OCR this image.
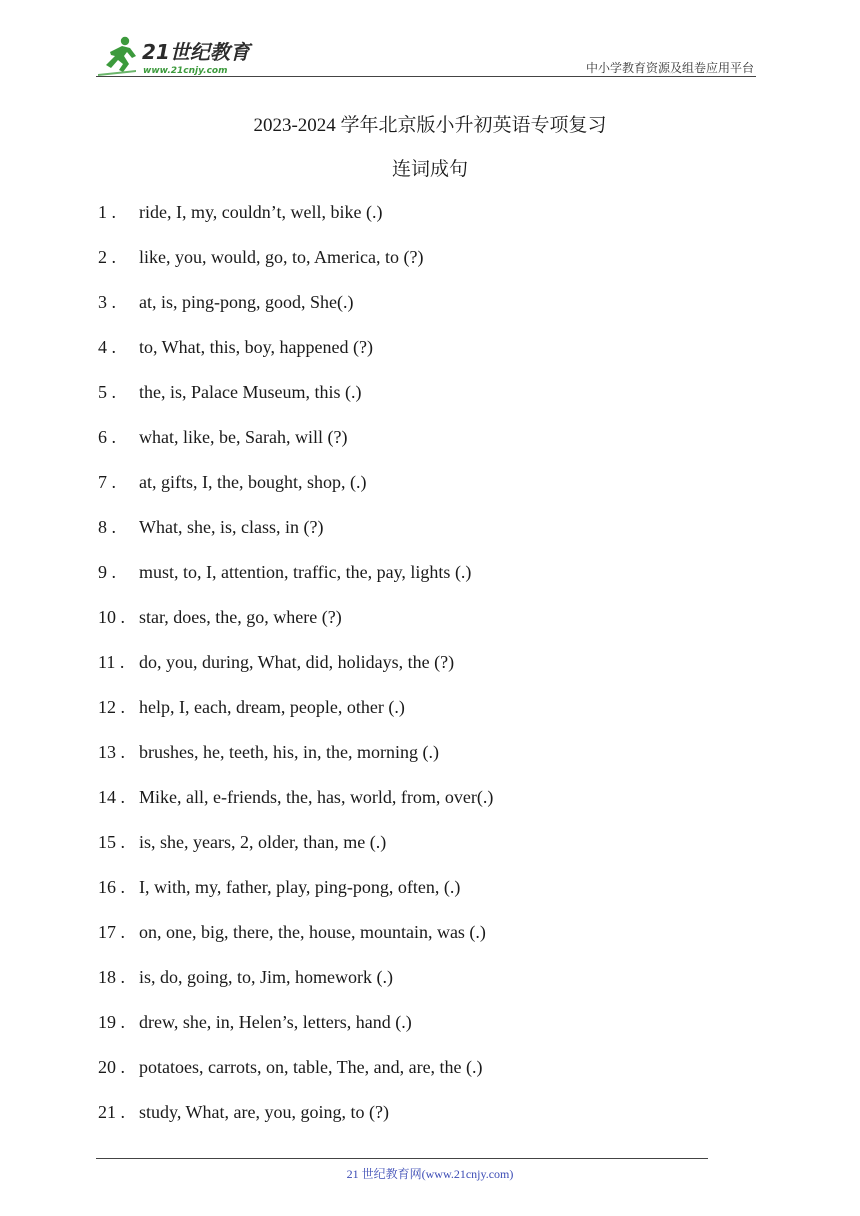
21世纪教育
www.21cnjy.com	中小学教育资源及组卷应用平台
2023-2024 学年北京版小升初英语专项复习
连词成句
1 . ride, I, my, couldn’t, well, bike (.)
2 . like, you, would, go, to, America, to (?)
3 . at, is, ping-pong, good, She(.)
4 . to, What, this, boy, happened (?)
5 . the, is, Palace Museum, this (.)
6 . what, like, be, Sarah, will (?)
7 . at, gifts, I, the, bought, shop, (.)
8 . What, she, is, class, in (?)
9 . must, to, I, attention, traffic, the, pay, lights (.)
10 . star, does, the, go, where (?)
11 . do, you, during, What, did, holidays, the (?)
12 . help, I, each, dream, people, other (.)
13 . brushes, he, teeth, his, in, the, morning (.)
14 . Mike, all, e-friends, the, has, world, from, over(.)
15 . is, she, years, 2, older, than, me (.)
16 . I, with, my, father, play, ping-pong, often, (.)
17 . on, one, big, there, the, house, mountain, was (.)
18 . is, do, going, to, Jim, homework (.)
19 . drew, she, in, Helen’s, letters, hand (.)
20 . potatoes, carrots, on, table, The, and, are, the (.)
21 . study, What, are, you, going, to (?)
21 世纪教育网(www.21cnjy.com)
